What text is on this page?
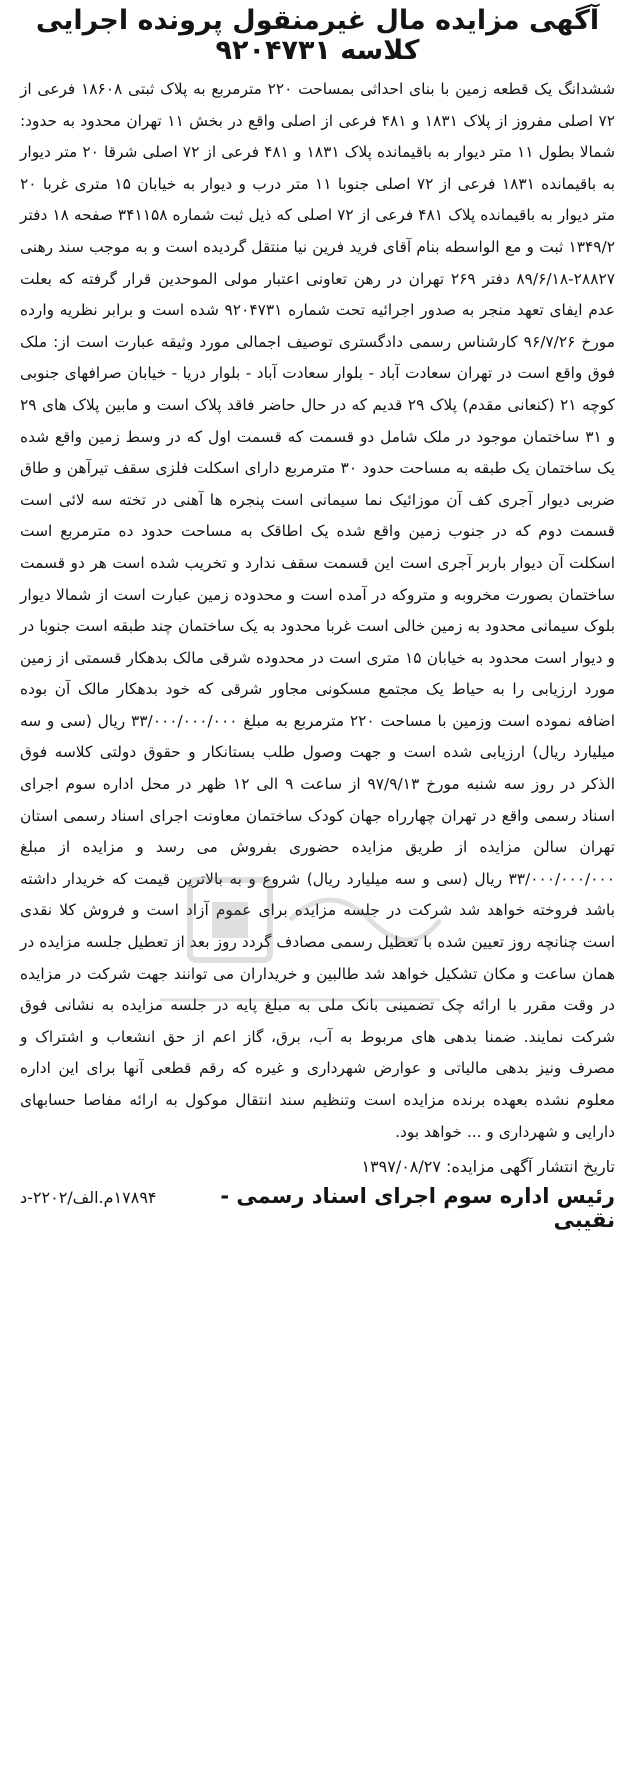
آگهی مزایده مال غیرمنقول پرونده اجرایی کلاسه ۹۲۰۴۷۳۱

ششدانگ یک قطعه زمین با بنای احداثی بمساحت ۲۲۰ مترمربع به پلاک ثبتی ۱۸۶۰۸ فرعی از ۷۲ اصلی مفروز از پلاک ۱۸۳۱ و ۴۸۱ فرعی از اصلی واقع در بخش ۱۱ تهران محدود به حدود: شمالا بطول ۱۱ متر دیوار به باقیمانده پلاک ۱۸۳۱ و ۴۸۱ فرعی از ۷۲ اصلی شرقا ۲۰ متر دیوار به باقیمانده ۱۸۳۱ فرعی از ۷۲ اصلی جنوبا ۱۱ متر درب و دیوار به خیابان ۱۵ متری غربا ۲۰ متر دیوار به باقیمانده پلاک ۴۸۱ فرعی از ۷۲ اصلی که ذیل ثبت شماره ۳۴۱۱۵۸ صفحه ۱۸ دفتر ۱۳۴۹/۲ ثبت و مع الواسطه بنام آقای فرید فرین نیا منتقل گردیده است و به موجب سند رهنی ۲۸۸۲۷-۸۹/۶/۱۸ دفتر ۲۶۹ تهران در رهن تعاونی اعتبار مولی الموحدین قرار گرفته که بعلت عدم ایفای تعهد منجر به صدور اجرائیه تحت شماره ۹۲۰۴۷۳۱ شده است و برابر نظریه وارده مورخ ۹۶/۷/۲۶ کارشناس رسمی دادگستری توصیف اجمالی مورد وثیقه عبارت است از: ملک فوق واقع است در تهران سعادت آباد - بلوار سعادت آباد - بلوار دریا - خیابان صرافهای جنوبی کوچه ۲۱ (کنعانی مقدم) پلاک ۲۹ قدیم که در حال حاضر فاقد پلاک است و مابین پلاک های ۲۹ و ۳۱ ساختمان موجود در ملک شامل دو قسمت که قسمت اول که در وسط زمین واقع شده یک ساختمان یک طبقه به مساحت حدود ۳۰ مترمربع دارای اسکلت فلزی سقف تیرآهن و طاق ضربی دیوار آجری کف آن موزائیک نما سیمانی است پنجره ها آهنی در تخته سه لائی است قسمت دوم که در جنوب زمین واقع شده یک اطاقک به مساحت حدود ده مترمربع است اسکلت آن دیوار باربر آجری است این قسمت سقف ندارد و تخریب شده است هر دو قسمت ساختمان بصورت مخروبه و متروکه در آمده است و محدوده زمین عبارت است از شمالا دیوار بلوک سیمانی محدود به زمین خالی است غربا محدود به یک ساختمان چند طبقه است جنوبا در و دیوار است محدود به خیابان ۱۵ متری است در محدوده شرقی مالک بدهکار قسمتی از زمین مورد ارزیابی را به حیاط یک مجتمع مسکونی مجاور شرقی که خود بدهکار مالک آن بوده اضافه نموده است وزمین با مساحت ۲۲۰ مترمربع به مبلغ ۳۳/۰۰۰/۰۰۰/۰۰۰ ریال (سی و سه میلیارد ریال) ارزیابی شده است و جهت وصول طلب بستانکار و حقوق دولتی کلاسه فوق الذکر در روز سه شنبه مورخ ۹۷/۹/۱۳ از ساعت ۹ الی ۱۲ ظهر در محل اداره سوم اجرای اسناد رسمی واقع در تهران چهارراه جهان کودک ساختمان معاونت اجرای اسناد رسمی استان تهران سالن مزایده از طریق مزایده حضوری بفروش می رسد و مزایده از مبلغ ۳۳/۰۰۰/۰۰۰/۰۰۰ ریال (سی و سه میلیارد ریال) شروع و به بالاترین قیمت که خریدار داشته باشد فروخته خواهد شد شرکت در جلسه مزایده برای عموم آزاد است و فروش کلا نقدی است چنانچه روز تعیین شده با تعطیل رسمی مصادف گردد روز بعد از تعطیل جلسه مزایده در همان ساعت و مکان تشکیل خواهد شد طالبین و خریداران می توانند جهت شرکت در مزایده در وقت مقرر با ارائه چک تضمینی بانک ملی به مبلغ پایه در جلسه مزایده به نشانی فوق شرکت نمایند. ضمنا بدهی های مربوط به آب، برق، گاز اعم از حق انشعاب و اشتراک و مصرف ونیز بدهی مالیاتی و عوارض شهرداری و غیره که رقم قطعی آنها برای این اداره معلوم نشده بعهده برنده مزایده است وتنظیم سند انتقال موکول به ارائه مفاصا حسابهای دارایی و شهرداری و ... خواهد بود.

تاریخ انتشار آگهی مزایده: ۱۳۹۷/۰۸/۲۷
رئیس اداره سوم اجرای اسناد رسمی -
۱۷۸۹۴م.الف/۲۲۰۲-د

نقیبی
